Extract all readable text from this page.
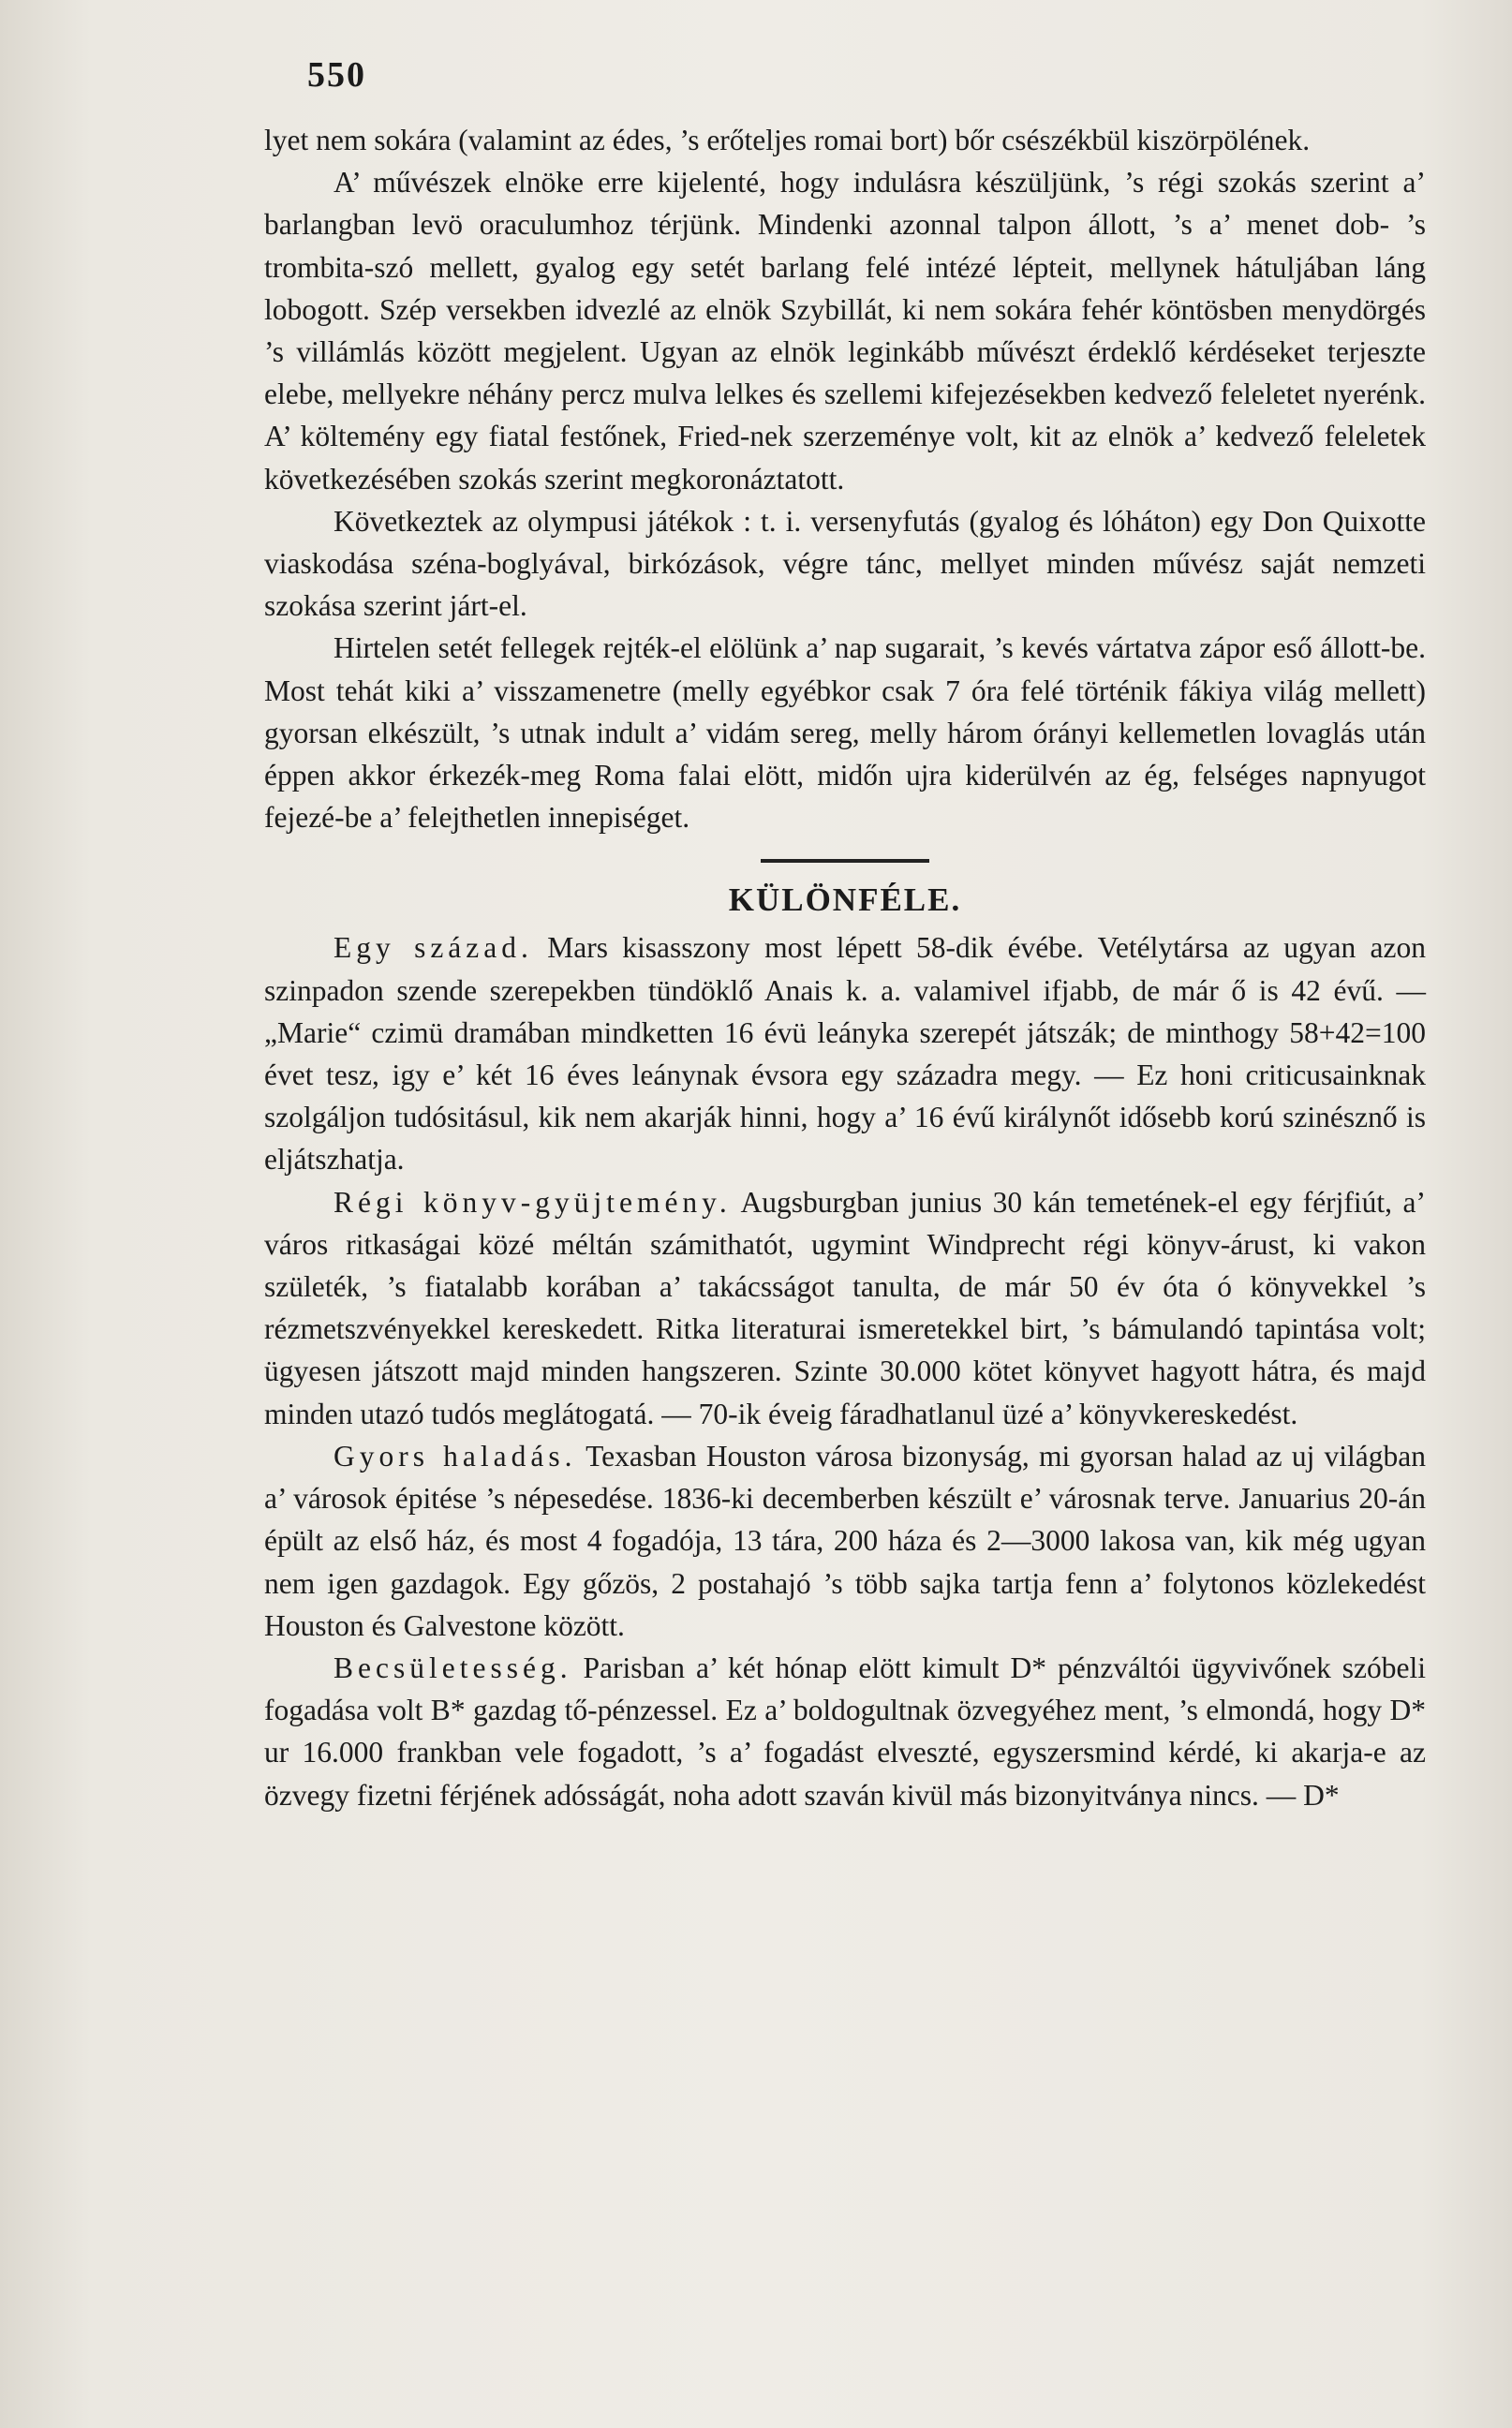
550

lyet nem sokára (valamint az édes, ’s erőteljes romai bort) bőr csészékbül kiszörpölének.

A’ művészek elnöke erre kijelenté, hogy indulásra készüljünk, ’s régi szokás szerint a’ barlangban levö oraculumhoz térjünk. Mindenki azonnal talpon állott, ’s a’ menet dob- ’s trombita-szó mellett, gyalog egy setét barlang felé intézé lépteit, mellynek hátuljában láng lobogott. Szép versekben idvezlé az elnök Szybillát, ki nem sokára fehér köntösben menydörgés ’s villámlás között megjelent. Ugyan az elnök leginkább művészt érdeklő kérdéseket terjeszte elebe, mellyekre néhány percz mulva lelkes és szellemi kifejezésekben kedvező feleletet nyerénk. A’ költemény egy fiatal festőnek, Fried-nek szerzeménye volt, kit az elnök a’ kedvező feleletek következésében szokás szerint megkoronáztatott.

Következtek az olympusi játékok : t. i. versenyfutás (gyalog és lóháton) egy Don Quixotte viaskodása széna-boglyával, birkózások, végre tánc, mellyet minden művész saját nemzeti szokása szerint járt-el.

Hirtelen setét fellegek rejték-el elölünk a’ nap sugarait, ’s kevés vártatva zápor eső állott-be. Most tehát kiki a’ visszamenetre (melly egyébkor csak 7 óra felé történik fákiya világ mellett) gyorsan elkészült, ’s utnak indult a’ vidám sereg, melly három órányi kellemetlen lovaglás után éppen akkor érkezék-meg Roma falai elött, midőn ujra kiderülvén az ég, felséges napnyugot fejezé-be a’ felejthetlen innepiséget.

KÜLÖNFÉLE.

Egy század. Mars kisasszony most lépett 58-dik évébe. Vetélytársa az ugyan azon szinpadon szende szerepekben tündöklő Anais k. a. valamivel ifjabb, de már ő is 42 évű. — „Marie“ czimü dramában mindketten 16 évü leányka szerepét játszák; de minthogy 58+42=100 évet tesz, igy e’ két 16 éves leánynak évsora egy századra megy. — Ez honi criticusainknak szolgáljon tudósitásul, kik nem akarják hinni, hogy a’ 16 évű királynőt idősebb korú szinésznő is eljátszhatja.

Régi könyv-gyüjtemény. Augsburgban junius 30 kán temetének-el egy férjfiút, a’ város ritkaságai közé méltán számithatót, ugymint Windprecht régi könyv-árust, ki vakon születék, ’s fiatalabb korában a’ takácsságot tanulta, de már 50 év óta ó könyvekkel ’s rézmetszvényekkel kereskedett. Ritka literaturai ismeretekkel birt, ’s bámulandó tapintása volt; ügyesen játszott majd minden hangszeren. Szinte 30.000 kötet könyvet hagyott hátra, és majd minden utazó tudós meglátogatá. — 70-ik éveig fáradhatlanul üzé a’ könyvkereskedést.

Gyors haladás. Texasban Houston városa bizonyság, mi gyorsan halad az uj világban a’ városok épitése ’s népesedése. 1836-ki decemberben készült e’ városnak terve. Januarius 20-án épült az első ház, és most 4 fogadója, 13 tára, 200 háza és 2—3000 lakosa van, kik még ugyan nem igen gazdagok. Egy gőzös, 2 postahajó ’s több sajka tartja fenn a’ folytonos közlekedést Houston és Galvestone között.

Becsületesség. Parisban a’ két hónap elött kimult D* pénzváltói ügyvivőnek szóbeli fogadása volt B* gazdag tő-pénzessel. Ez a’ boldogultnak özvegyéhez ment, ’s elmondá, hogy D* ur 16.000 frankban vele fogadott, ’s a’ fogadást elveszté, egyszersmind kérdé, ki akarja-e az özvegy fizetni férjének adósságát, noha adott szaván kivül más bizonyitványa nincs. — D*
